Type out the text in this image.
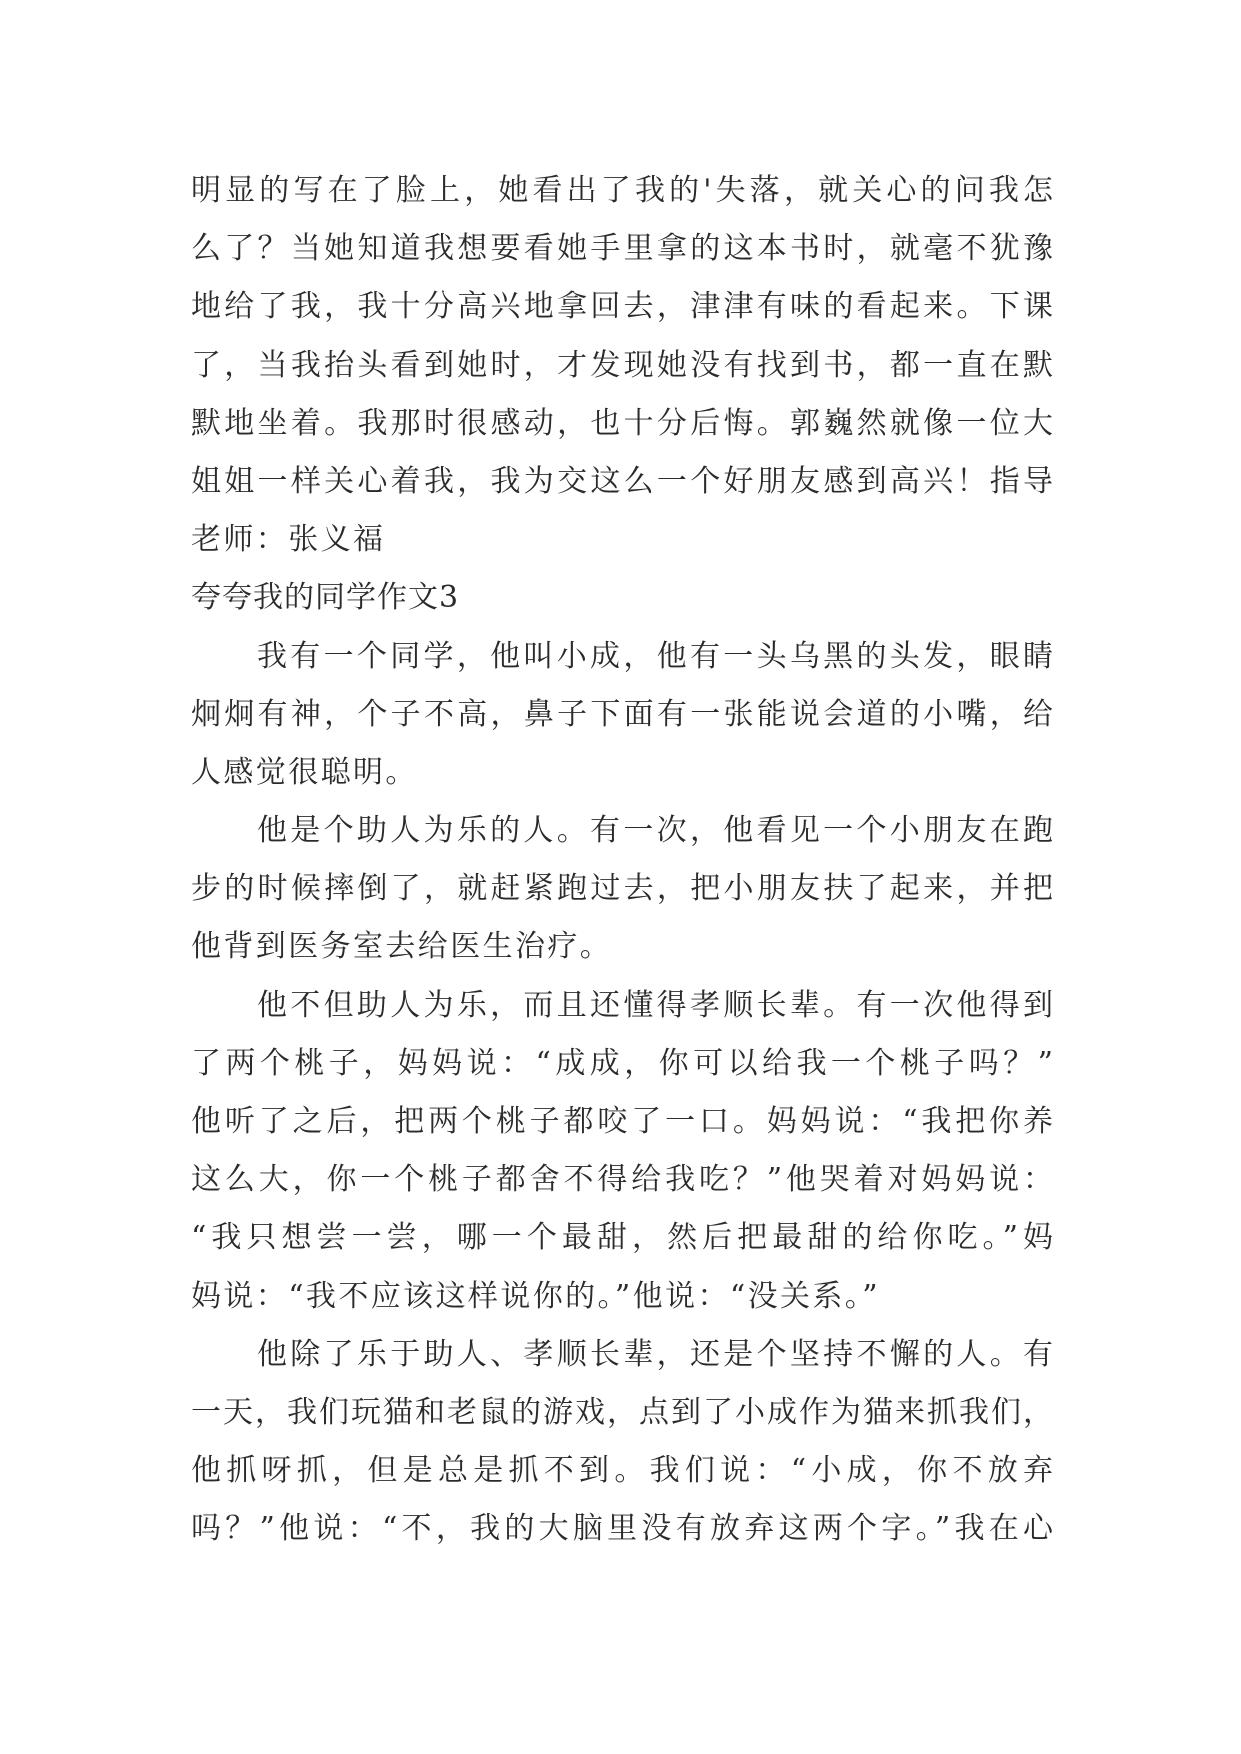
明显的写在了脸上，她看出了我的'失落，就关心的问我怎
么了？当她知道我想要看她手里拿的这本书时，就毫不犹豫
地给了我，我十分高兴地拿回去，津津有味的看起来。下课
了，当我抬头看到她时，才发现她没有找到书，都一直在默
默地坐着。我那时很感动，也十分后悔。郭巍然就像一位大
姐姐一样关心着我，我为交这么一个好朋友感到高兴！指导
老师：张义福
夸夸我的同学作文3
我有一个同学，他叫小成，他有一头乌黑的头发，眼睛
炯炯有神，个子不高，鼻子下面有一张能说会道的小嘴，给
人感觉很聪明。
他是个助人为乐的人。有一次，他看见一个小朋友在跑
步的时候摔倒了，就赶紧跑过去，把小朋友扶了起来，并把
他背到医务室去给医生治疗。
他不但助人为乐，而且还懂得孝顺长辈。有一次他得到
了两个桃子，妈妈说：“成成，你可以给我一个桃子吗？”
他听了之后，把两个桃子都咬了一口。妈妈说：“我把你养
这么大，你一个桃子都舍不得给我吃？”他哭着对妈妈说：
“我只想尝一尝，哪一个最甜，然后把最甜的给你吃。”妈
妈说：“我不应该这样说你的。”他说：“没关系。”
他除了乐于助人、孝顺长辈，还是个坚持不懈的人。有
一天，我们玩猫和老鼠的游戏，点到了小成作为猫来抓我们，
他抓呀抓，但是总是抓不到。我们说：“小成，你不放弃
吗？”他说：“不，我的大脑里没有放弃这两个字。”我在心
